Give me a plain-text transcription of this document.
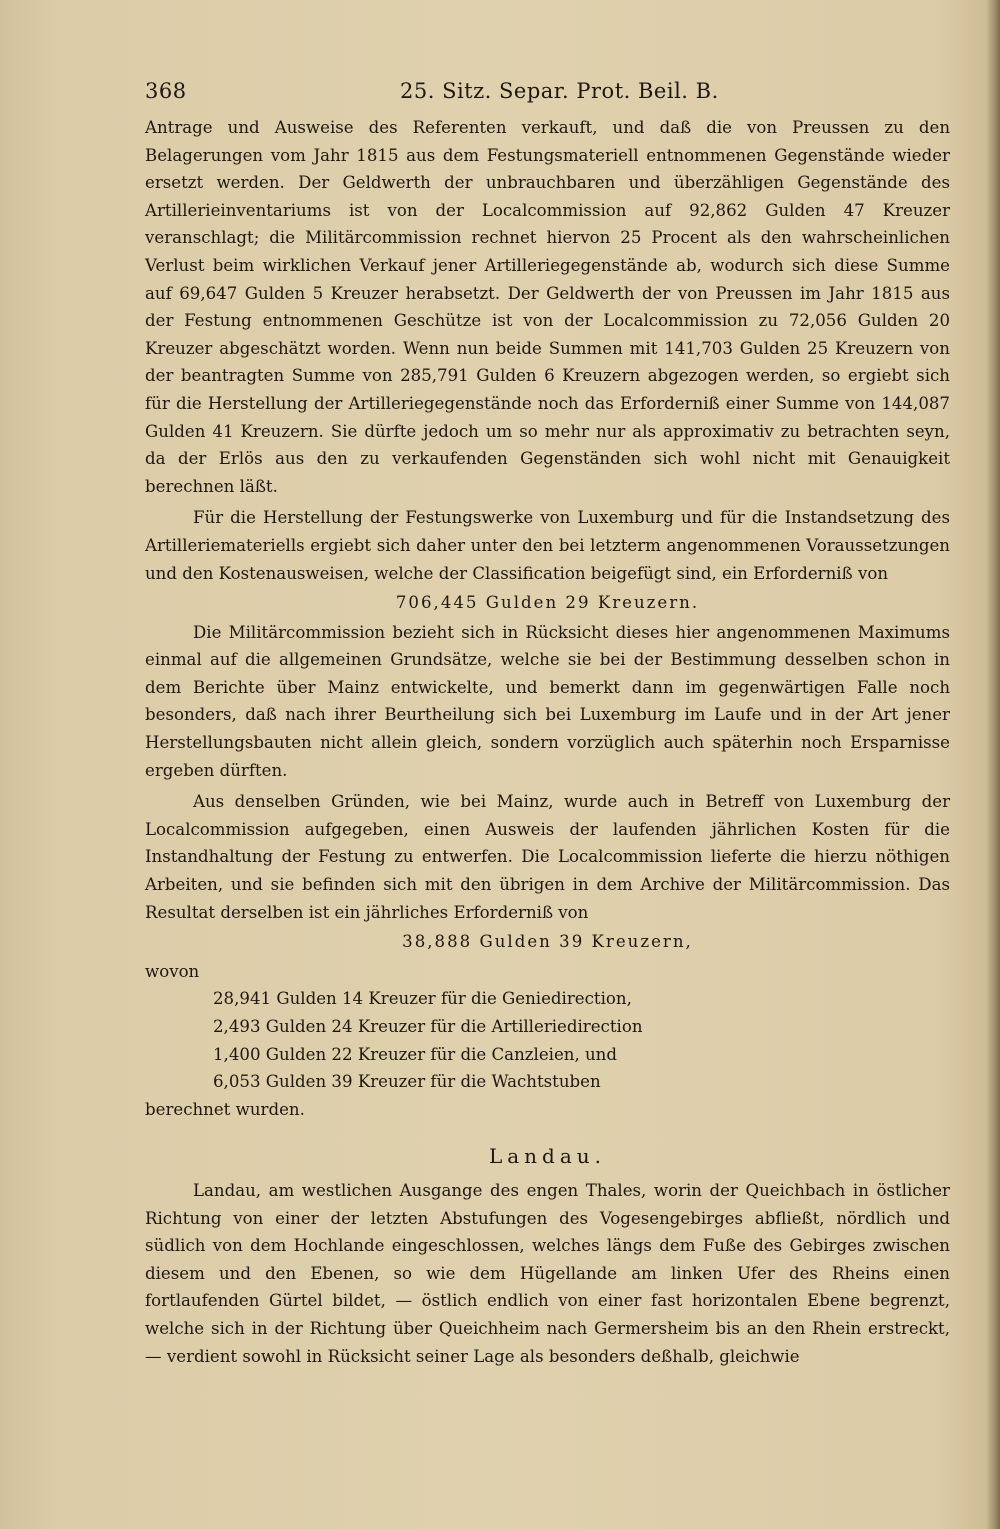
368	25. Sitz. Separ. Prot. Beil. B.

Antrage und Ausweise des Referenten verkauft, und daß die von Preussen zu den Belagerungen vom Jahr 1815 aus dem Festungsmateriell entnommenen Gegenstände wieder ersetzt werden. Der Geldwerth der unbrauchbaren und überzähligen Gegenstände des Artillerieinventariums ist von der Localcommission auf 92,862 Gulden 47 Kreuzer veranschlagt; die Militärcommission rechnet hiervon 25 Procent als den wahrscheinlichen Verlust beim wirklichen Verkauf jener Artilleriegegenstände ab, wodurch sich diese Summe auf 69,647 Gulden 5 Kreuzer herabsetzt. Der Geldwerth der von Preussen im Jahr 1815 aus der Festung entnommenen Geschütze ist von der Localcommission zu 72,056 Gulden 20 Kreuzer abgeschätzt worden. Wenn nun beide Summen mit 141,703 Gulden 25 Kreuzern von der beantragten Summe von 285,791 Gulden 6 Kreuzern abgezogen werden, so ergiebt sich für die Herstellung der Artilleriegegenstände noch das Erforderniß einer Summe von 144,087 Gulden 41 Kreuzern. Sie dürfte jedoch um so mehr nur als approximativ zu betrachten seyn, da der Erlös aus den zu verkaufenden Gegenständen sich wohl nicht mit Genauigkeit berechnen läßt.

Für die Herstellung der Festungswerke von Luxemburg und für die Instandsetzung des Artilleriemateriells ergiebt sich daher unter den bei letzterm angenommenen Voraussetzungen und den Kostenausweisen, welche der Classification beigefügt sind, ein Erforderniß von

706,445 Gulden 29 Kreuzern.

Die Militärcommission bezieht sich in Rücksicht dieses hier angenommenen Maximums einmal auf die allgemeinen Grundsätze, welche sie bei der Bestimmung desselben schon in dem Berichte über Mainz entwickelte, und bemerkt dann im gegenwärtigen Falle noch besonders, daß nach ihrer Beurtheilung sich bei Luxemburg im Laufe und in der Art jener Herstellungsbauten nicht allein gleich, sondern vorzüglich auch späterhin noch Ersparnisse ergeben dürften.

Aus denselben Gründen, wie bei Mainz, wurde auch in Betreff von Luxemburg der Localcommission aufgegeben, einen Ausweis der laufenden jährlichen Kosten für die Instandhaltung der Festung zu entwerfen. Die Localcommission lieferte die hierzu nöthigen Arbeiten, und sie befinden sich mit den übrigen in dem Archive der Militärcommission. Das Resultat derselben ist ein jährliches Erforderniß von

38,888 Gulden 39 Kreuzern,

wovon

28,941 Gulden 14 Kreuzer für die Geniedirection,
2,493 Gulden 24 Kreuzer für die Artilleriedirection
1,400 Gulden 22 Kreuzer für die Canzleien, und
6,053 Gulden 39 Kreuzer für die Wachtstuben

berechnet wurden.

Landau.

Landau, am westlichen Ausgange des engen Thales, worin der Queichbach in östlicher Richtung von einer der letzten Abstufungen des Vogesengebirges abfließt, nördlich und südlich von dem Hochlande eingeschlossen, welches längs dem Fuße des Gebirges zwischen diesem und den Ebenen, so wie dem Hügellande am linken Ufer des Rheins einen fortlaufenden Gürtel bildet, — östlich endlich von einer fast horizontalen Ebene begrenzt, welche sich in der Richtung über Queichheim nach Germersheim bis an den Rhein erstreckt, — verdient sowohl in Rücksicht seiner Lage als besonders deßhalb, gleichwie
